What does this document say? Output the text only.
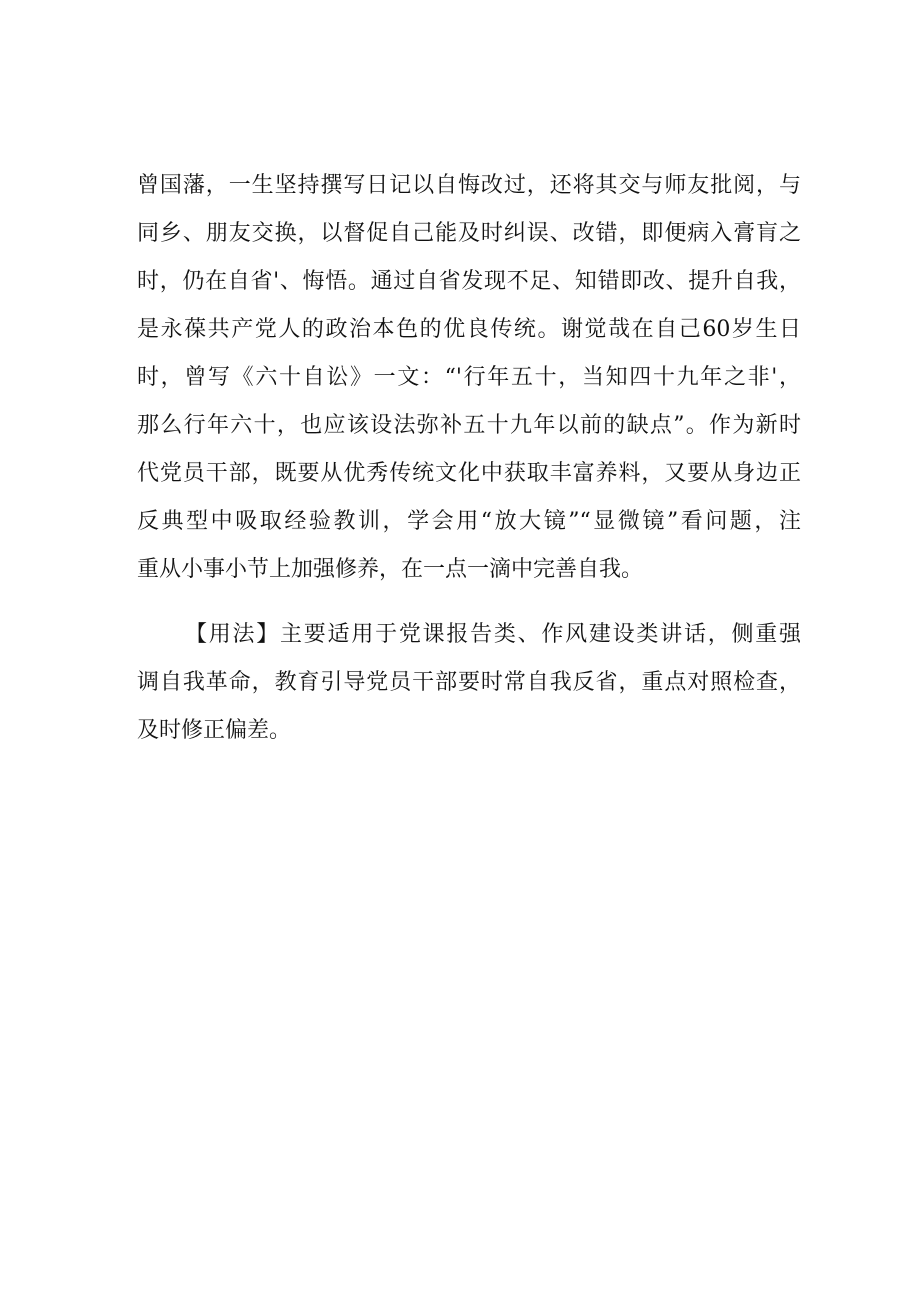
曾国藩，一生坚持撰写日记以自悔改过，还将其交与师友批阅，与
同乡、朋友交换，以督促自己能及时纠误、改错，即便病入膏肓之
时，仍在自省'、悔悟。通过自省发现不足、知错即改、提升自我，
是永葆共产党人的政治本色的优良传统。谢觉哉在自己60岁生日
时，曾写《六十自讼》一文：“'行年五十，当知四十九年之非'，
那么行年六十，也应该设法弥补五十九年以前的缺点”。作为新时
代党员干部，既要从优秀传统文化中获取丰富养料，又要从身边正
反典型中吸取经验教训，学会用“放大镜”“显微镜”看问题，注
重从小事小节上加强修养，在一点一滴中完善自我。
【用法】主要适用于党课报告类、作风建设类讲话，侧重强
调自我革命，教育引导党员干部要时常自我反省，重点对照检查，
及时修正偏差。
